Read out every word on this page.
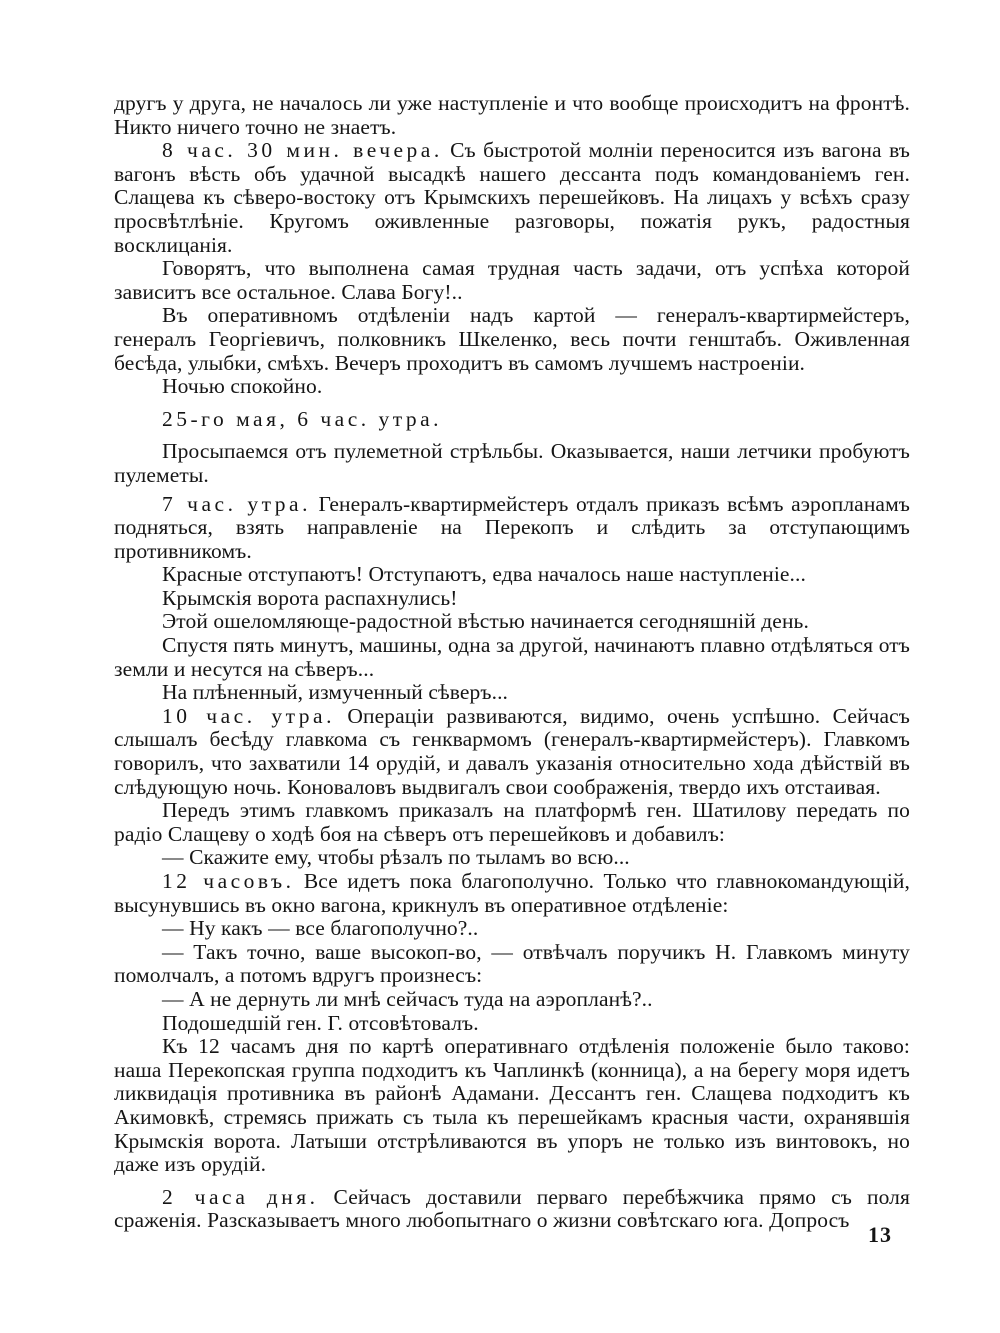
другъ у друга, не началось ли уже наступленіе и что вообще происходитъ на фронтѣ. Никто ничего точно не знаетъ.

8 час. 30 мин. вечера. Съ быстротой молніи переносится изъ вагона въ вагонъ вѣсть объ удачной высадкѣ нашего дессанта подъ командованіемъ ген. Слащева къ сѣверо-востоку отъ Крымскихъ перешейковъ. На лицахъ у всѣхъ сразу просвѣтлѣніе. Кругомъ оживленные разговоры, пожатія рукъ, радостныя восклицанія.

Говорятъ, что выполнена самая трудная часть задачи, отъ успѣха которой зависитъ все остальное. Слава Богу!..

Въ оперативномъ отдѣленіи надъ картой — генералъ-квартирмейстеръ, генералъ Георгіевичъ, полковникъ Шкеленко, весь почти генштабъ. Оживленная бесѣда, улыбки, смѣхъ. Вечеръ проходитъ въ самомъ лучшемъ настроеніи.

Ночью спокойно.

25-го мая, 6 час. утра.

Просыпаемся отъ пулеметной стрѣльбы. Оказывается, наши летчики пробуютъ пулеметы.

7 час. утра. Генералъ-квартирмейстеръ отдалъ приказъ всѣмъ аэропланамъ подняться, взять направленіе на Перекопъ и слѣдить за отступающимъ противникомъ.

Красные отступаютъ! Отступаютъ, едва началось наше наступленіе...

Крымскія ворота распахнулись!

Этой ошеломляюще-радостной вѣстью начинается сегодняшній день.

Спустя пять минутъ, машины, одна за другой, начинаютъ плавно отдѣляться отъ земли и несутся на сѣверъ...

На плѣненный, измученный сѣверъ...

10 час. утра. Операціи развиваются, видимо, очень успѣшно. Сейчасъ слышалъ бесѣду главкома съ генквармомъ (генералъ-квартирмейстеръ). Главкомъ говорилъ, что захватили 14 орудій, и давалъ указанія относительно хода дѣйствій въ слѣдующую ночь. Коноваловъ выдвигалъ свои соображенія, твердо ихъ отстаивая.

Передъ этимъ главкомъ приказалъ на платформѣ ген. Шатилову передать по радіо Слащеву о ходѣ боя на сѣверъ отъ перешейковъ и добавилъ:

— Скажите ему, чтобы рѣзалъ по тыламъ во всю...

12 часовъ. Все идетъ пока благополучно. Только что главнокомандующій, высунувшись въ окно вагона, крикнулъ въ оперативное отдѣленіе:

— Ну какъ — все благополучно?..

— Такъ точно, ваше высокоп-во, — отвѣчалъ поручикъ Н. Главкомъ минуту помолчалъ, а потомъ вдругъ произнесъ:

— А не дернуть ли мнѣ сейчасъ туда на аэропланѣ?..

Подошедшій ген. Г. отсовѣтовалъ.

Къ 12 часамъ дня по картѣ оперативнаго отдѣленія положеніе было таково: наша Перекопская группа подходитъ къ Чаплинкѣ (конница), а на берегу моря идетъ ликвидація противника въ районѣ Адамани. Дессантъ ген. Слащева подходитъ къ Акимовкѣ, стремясь прижать съ тыла къ перешейкамъ красныя части, охранявшія Крымскія ворота. Латыши отстрѣливаются въ упоръ не только изъ винтовокъ, но даже изъ орудій.

2 часа дня. Сейчасъ доставили перваго перебѣжчика прямо съ поля сраженія. Разсказываетъ много любопытнаго о жизни совѣтскаго юга. Допросъ

13
